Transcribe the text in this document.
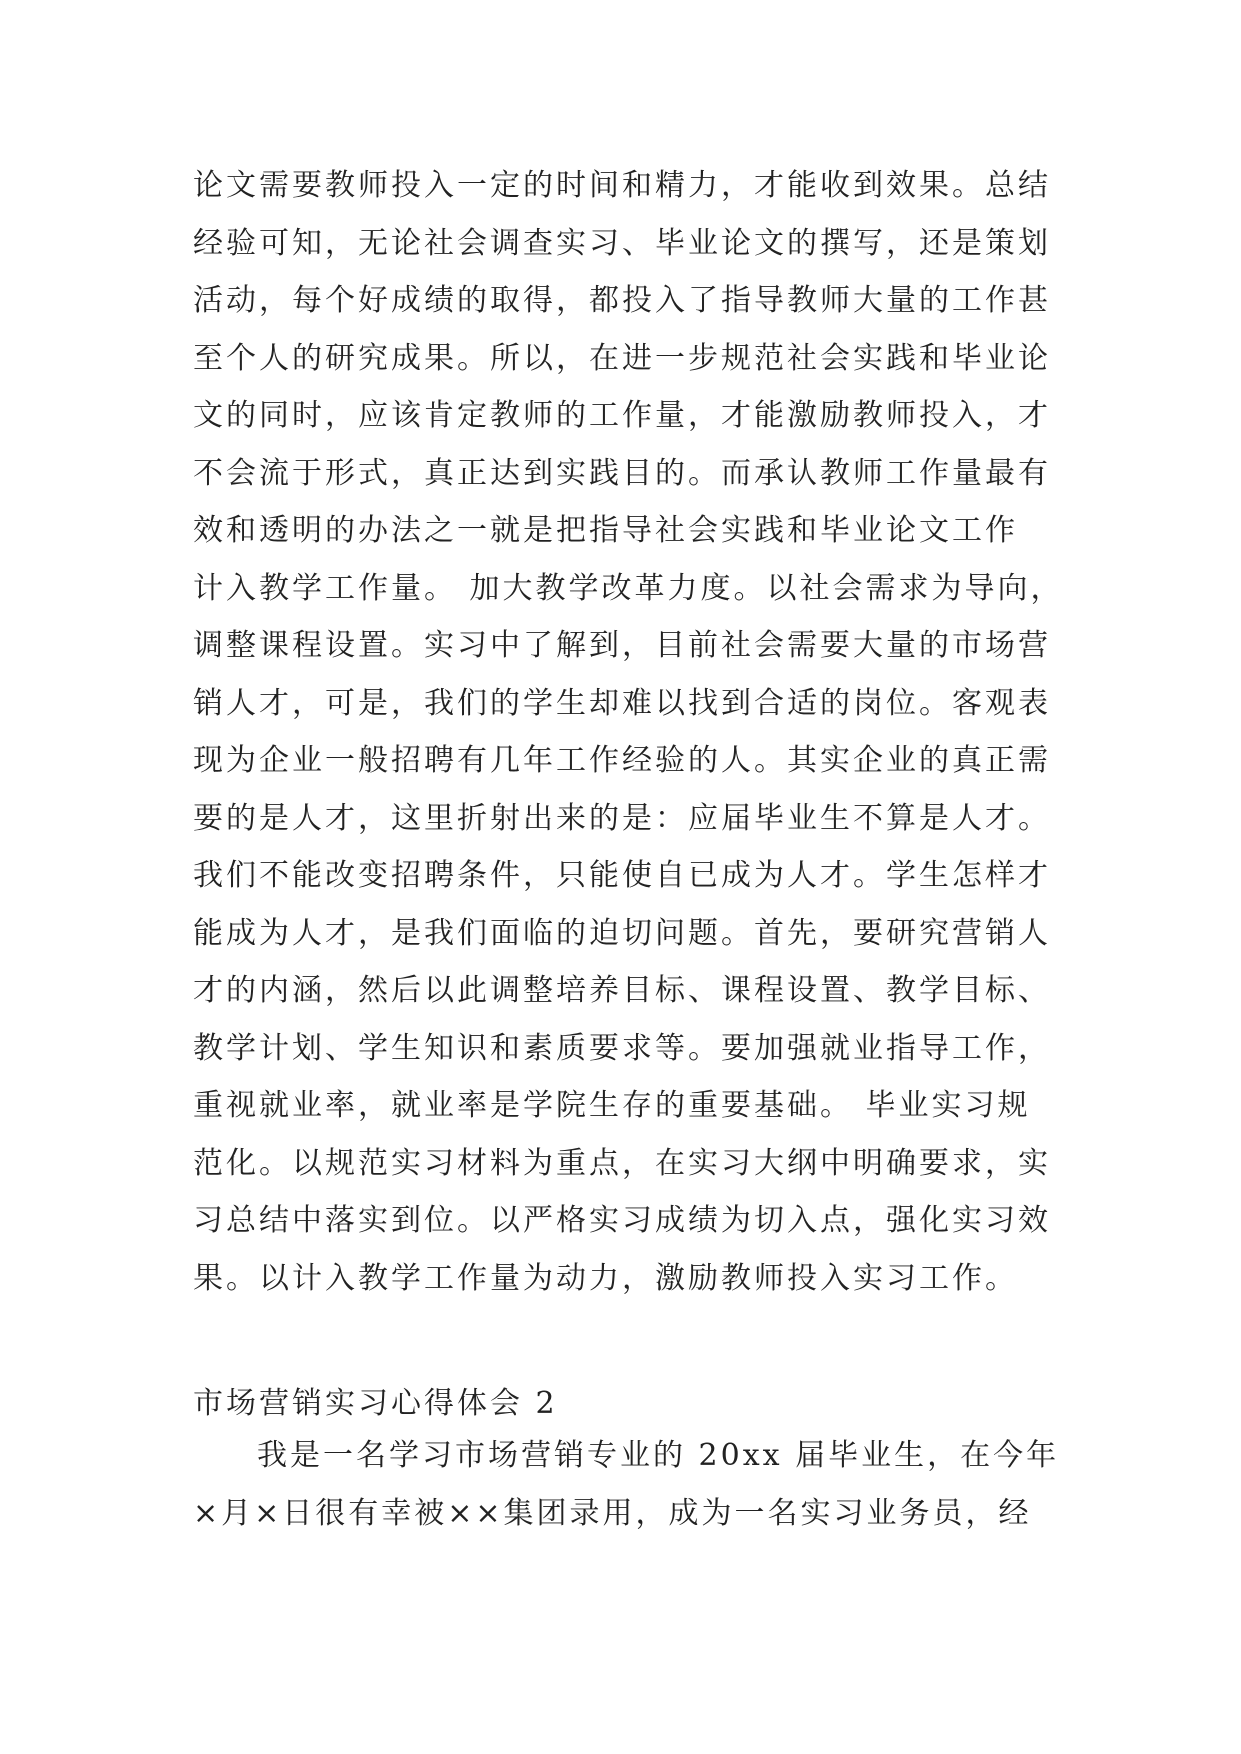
论文需要教师投入一定的时间和精力，才能收到效果。总结
经验可知，无论社会调查实习、毕业论文的撰写，还是策划
活动，每个好成绩的取得，都投入了指导教师大量的工作甚
至个人的研究成果。所以，在进一步规范社会实践和毕业论
文的同时，应该肯定教师的工作量，才能激励教师投入，才
不会流于形式，真正达到实践目的。而承认教师工作量最有
效和透明的办法之一就是把指导社会实践和毕业论文工作
计入教学工作量。 加大教学改革力度。以社会需求为导向，
调整课程设置。实习中了解到，目前社会需要大量的市场营
销人才，可是，我们的学生却难以找到合适的岗位。客观表
现为企业一般招聘有几年工作经验的人。其实企业的真正需
要的是人才，这里折射出来的是：应届毕业生不算是人才。
我们不能改变招聘条件，只能使自已成为人才。学生怎样才
能成为人才，是我们面临的迫切问题。首先，要研究营销人
才的内涵，然后以此调整培养目标、课程设置、教学目标、
教学计划、学生知识和素质要求等。要加强就业指导工作，
重视就业率，就业率是学院生存的重要基础。 毕业实习规
范化。以规范实习材料为重点，在实习大纲中明确要求，实
习总结中落实到位。以严格实习成绩为切入点，强化实习效
果。以计入教学工作量为动力，激励教师投入实习工作。
市场营销实习心得体会 2
我是一名学习市场营销专业的 20xx 届毕业生，在今年
×月×日很有幸被××集团录用，成为一名实习业务员，经
